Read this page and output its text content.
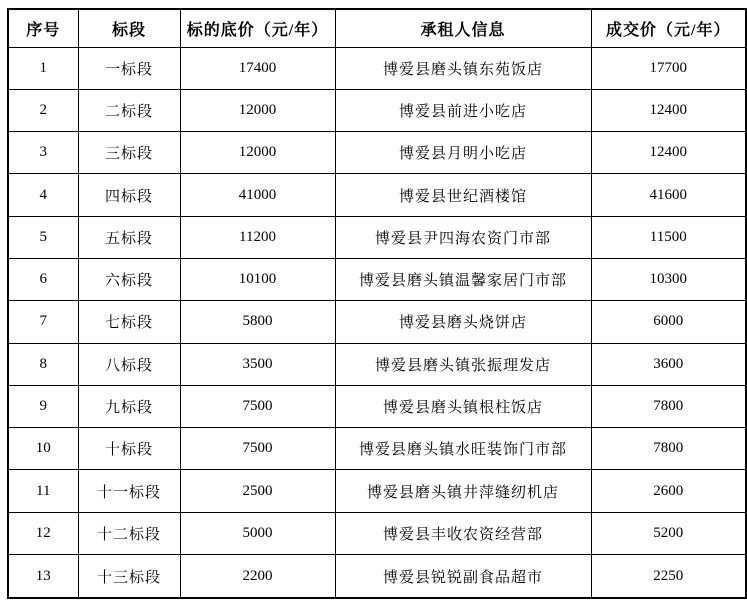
序号	标段	标的底价（元/年）	承租人信息	成交价（元/年）
1	一标段	17400	博爱县磨头镇东苑饭店	17700
2	二标段	12000	博爱县前进小吃店	12400
3	三标段	12000	博爱县月明小吃店	12400
4	四标段	41000	博爱县世纪酒楼馆	41600
5	五标段	11200	博爱县尹四海农资门市部	11500
6	六标段	10100	博爱县磨头镇温馨家居门市部	10300
7	七标段	5800	博爱县磨头烧饼店	6000
8	八标段	3500	博爱县磨头镇张振理发店	3600
9	九标段	7500	博爱县磨头镇根柱饭店	7800
10	十标段	7500	博爱县磨头镇水旺装饰门市部	7800
11	十一标段	2500	博爱县磨头镇井萍缝纫机店	2600
12	十二标段	5000	博爱县丰收农资经营部	5200
13	十三标段	2200	博爱县锐锐副食品超市	2250
